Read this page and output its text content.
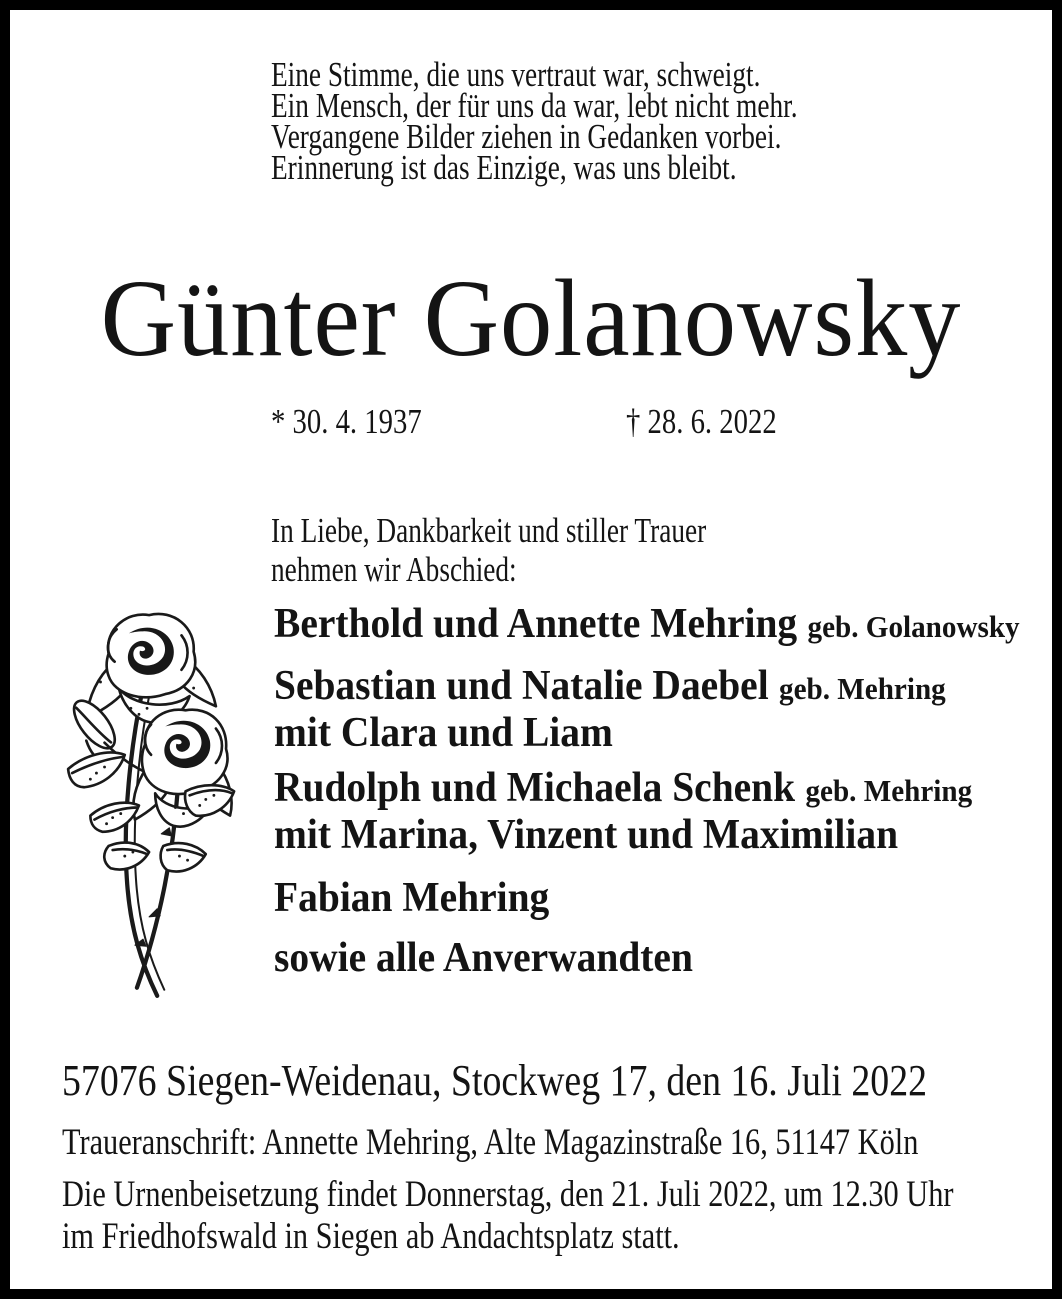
Eine Stimme, die uns vertraut war, schweigt.
Ein Mensch, der für uns da war, lebt nicht mehr.
Vergangene Bilder ziehen in Gedanken vorbei.
Erinnerung ist das Einzige, was uns bleibt.
Günter Golanowsky
* 30. 4. 1937	† 28. 6. 2022
In Liebe, Dankbarkeit und stiller Trauer
nehmen wir Abschied:
Berthold und Annette Mehring geb. Golanowsky
Sebastian und Natalie Daebel geb. Mehring
mit Clara und Liam
Rudolph und Michaela Schenk geb. Mehring
mit Marina, Vinzent und Maximilian
Fabian Mehring
sowie alle Anverwandten
57076 Siegen-Weidenau, Stockweg 17, den 16. Juli 2022
Traueranschrift: Annette Mehring, Alte Magazinstraße 16, 51147 Köln
Die Urnenbeisetzung findet Donnerstag, den 21. Juli 2022, um 12.30 Uhr
im Friedhofswald in Siegen ab Andachtsplatz statt.
